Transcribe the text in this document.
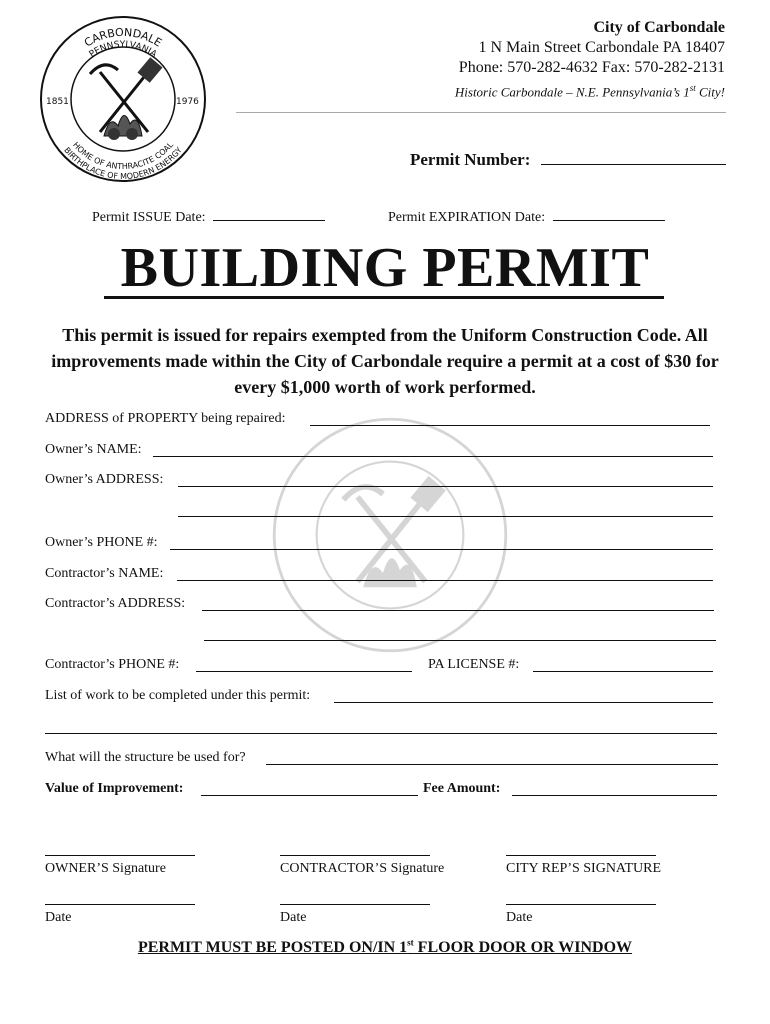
CARBONDALE
PENNSYLVANIA
1851	1976
HOME OF ANTHRACITE COAL
BIRTHPLACE OF MODERN ENERGY
City of Carbondale
1 N Main Street Carbondale PA 18407
Phone: 570-282-4632 Fax: 570-282-2131
Historic Carbondale – N.E. Pennsylvania’s 1st City!
Permit Number:
Permit ISSUE Date:	Permit EXPIRATION Date:
BUILDING PERMIT
This permit is issued for repairs exempted from the Uniform Construction Code. All improvements made within the City of Carbondale require a permit at a cost of $30 for every $1,000 worth of work performed.
ADDRESS of PROPERTY being repaired:
Owner’s NAME:
Owner’s ADDRESS:
Owner’s PHONE #:
Contractor’s NAME:
Contractor’s ADDRESS:
Contractor’s PHONE #:	PA LICENSE #:
List of work to be completed under this permit:
What will the structure be used for?
Value of Improvement:	Fee Amount:
OWNER’S Signature	CONTRACTOR’S Signature	CITY REP’S SIGNATURE
Date	Date	Date
PERMIT MUST BE POSTED ON/IN 1st FLOOR DOOR OR WINDOW
